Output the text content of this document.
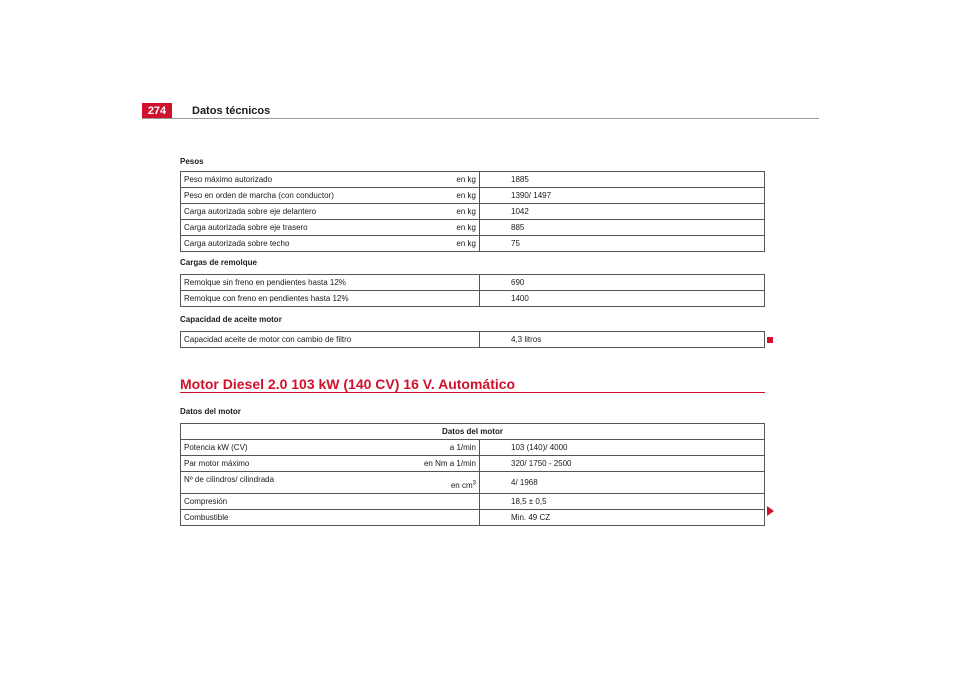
274	Datos técnicos
Pesos
Peso máximo autorizado en kg	1885

Peso en orden de marcha (con conductor) en kg	1390/ 1497

Carga autorizada sobre eje delantero en kg	1042

Carga autorizada sobre eje trasero en kg	885

Carga autorizada sobre techo en kg	75
Cargas de remolque
Remolque sin freno en pendientes hasta 12%	690

Remolque con freno en pendientes hasta 12%	1400
Capacidad de aceite motor
Capacidad aceite de motor con cambio de filtro	4,3 litros
Motor Diesel 2.0 103 kW (140 CV) 16 V. Automático
Datos del motor
Datos del motor	

Potencia kW (CV) a 1/min	103 (140)/ 4000

Par motor máximo en Nm a 1/min	320/ 1750 - 2500

Nº de cilindros/ cilindrada
en $cm^3$	4/ 1968

Compresión	18,5 ± 0,5

Combustible	Min. 49 CZ
